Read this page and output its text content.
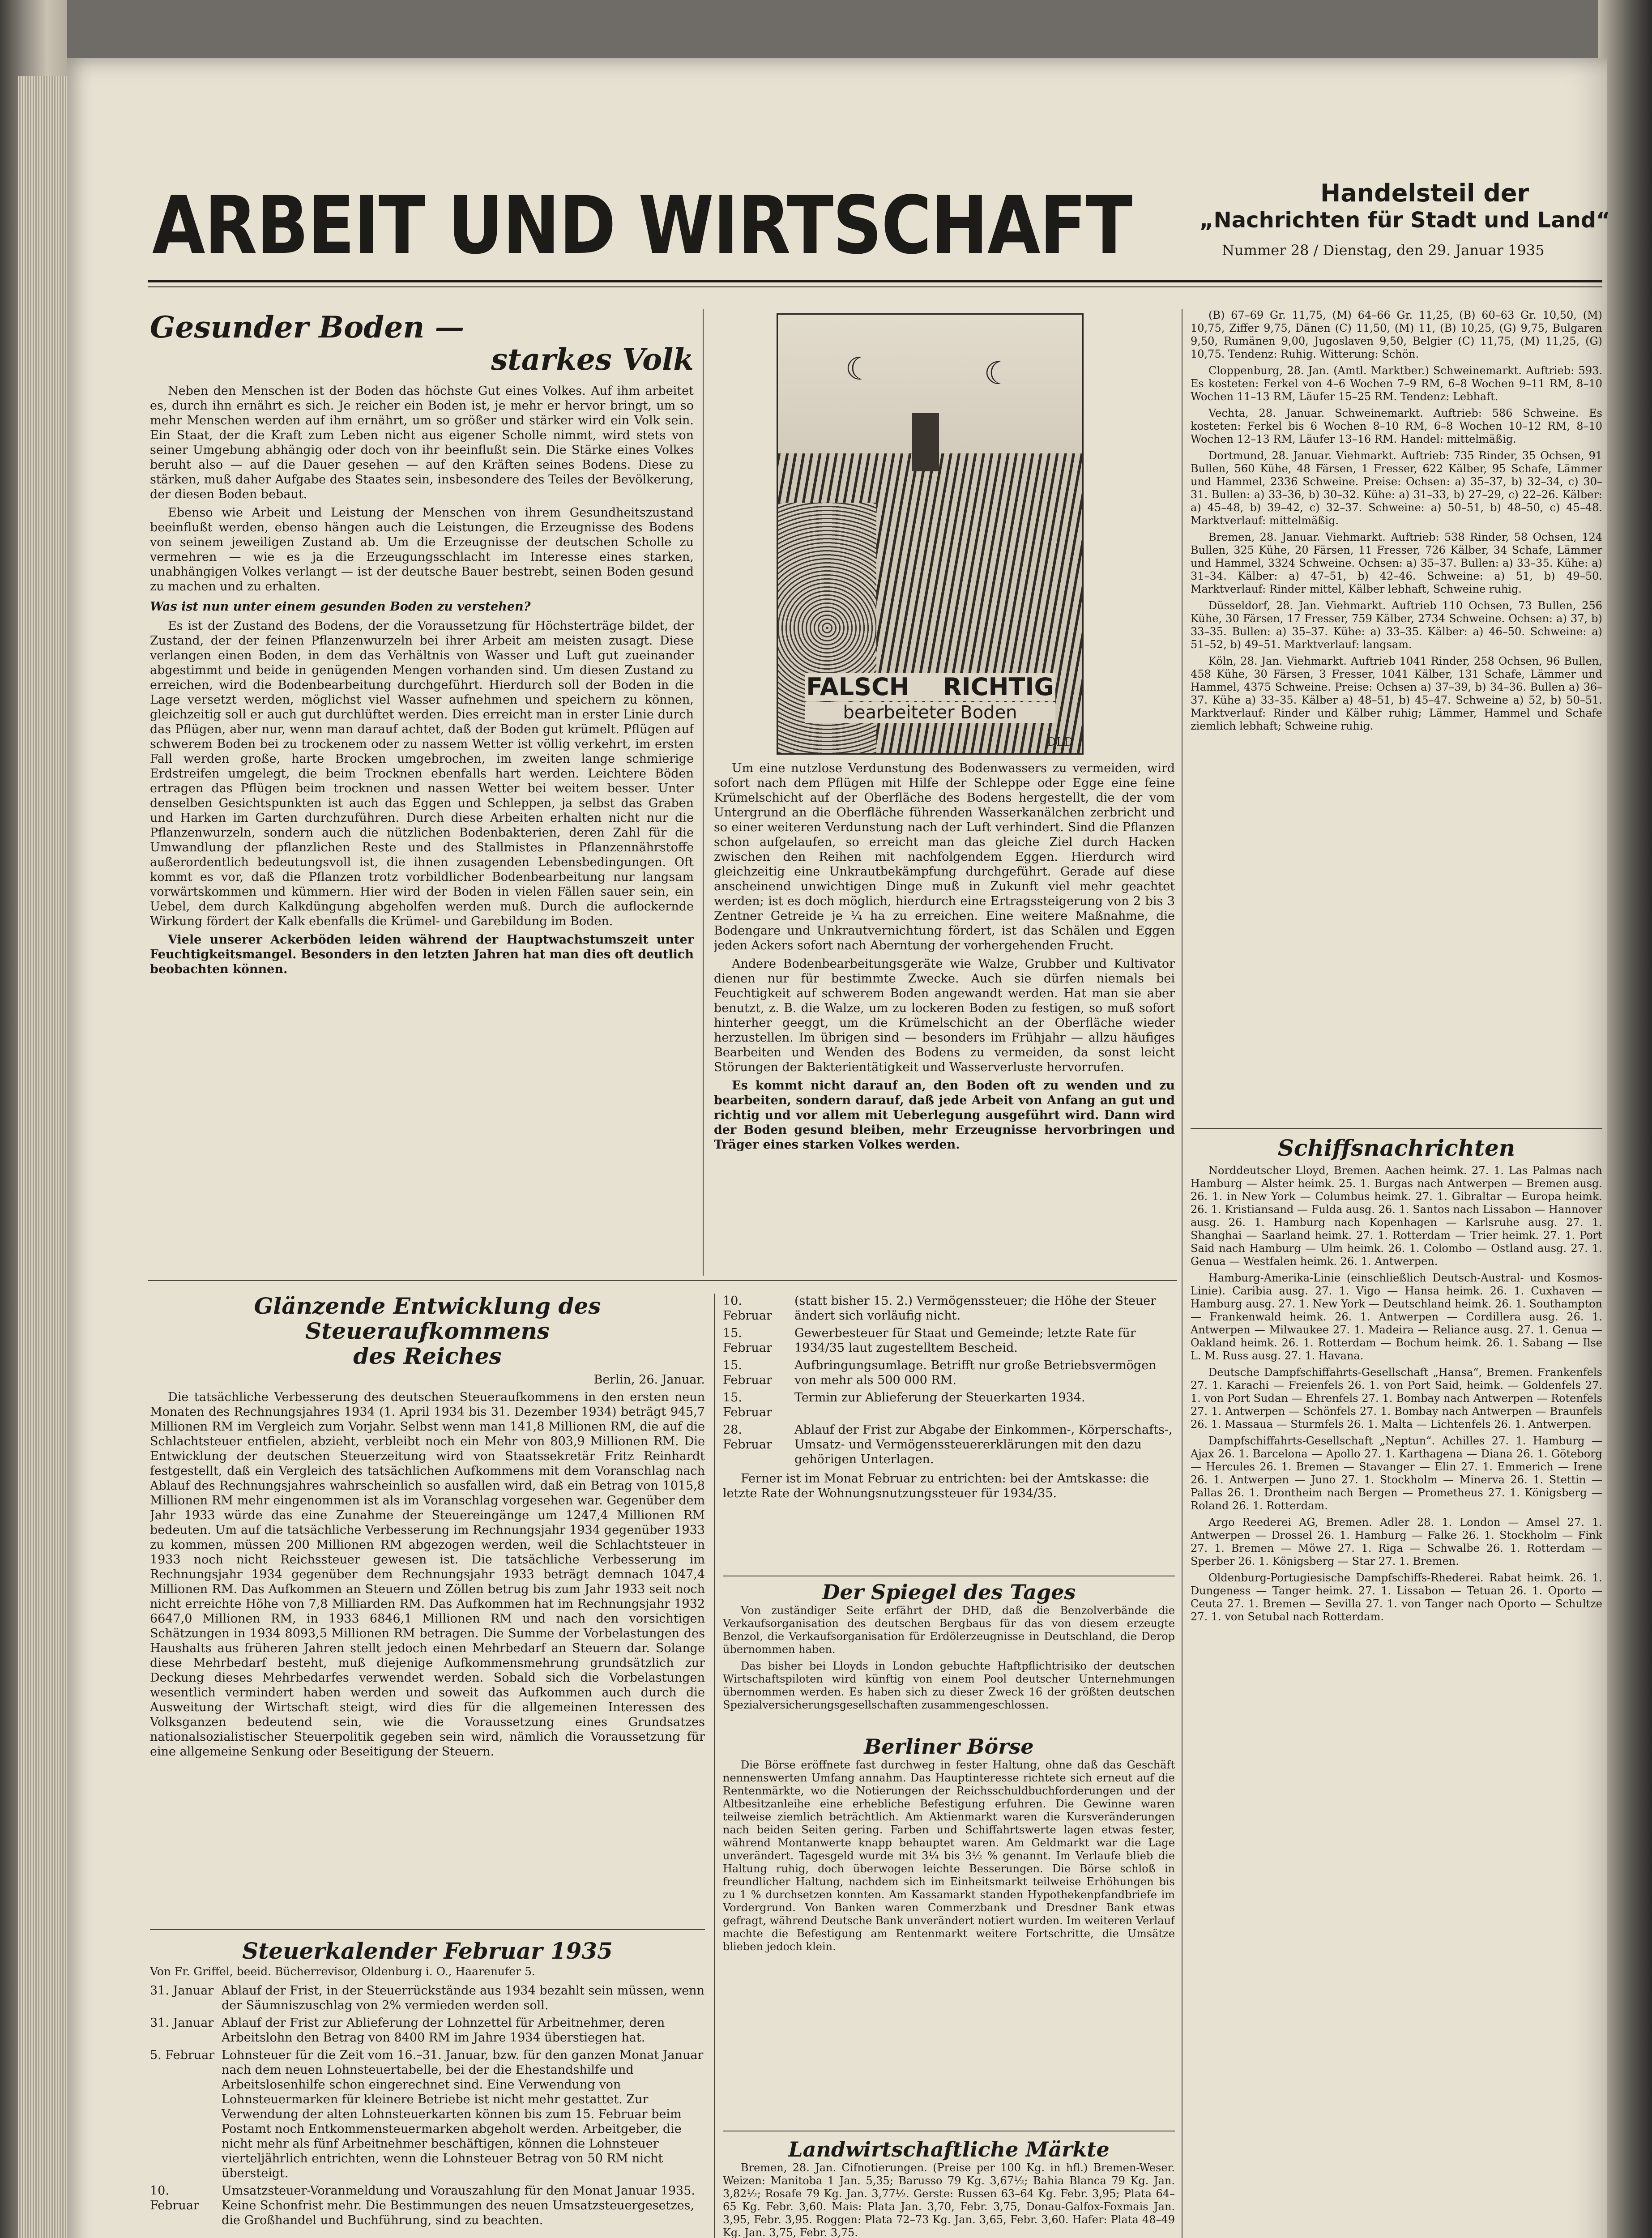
ARBEIT UND WIRTSCHAFT	Handelsteil der
„Nachrichten für Stadt und Land“
Nummer 28 / Dienstag, den 29. Januar 1935
Gesunder Boden —
starkes Volk

Neben den Menschen ist der Boden das höchste Gut eines Volkes. Auf ihm arbeitet es, durch ihn ernährt es sich. Je reicher ein Boden ist, je mehr er hervor bringt, um so mehr Menschen werden auf ihm ernährt, um so größer und stärker wird ein Volk sein. Ein Staat, der die Kraft zum Leben nicht aus eigener Scholle nimmt, wird stets von seiner Umgebung abhängig oder doch von ihr beeinflußt sein. Die Stärke eines Volkes beruht also — auf die Dauer gesehen — auf den Kräften seines Bodens. Diese zu stärken, muß daher Aufgabe des Staates sein, insbesondere des Teiles der Bevölkerung, der diesen Boden bebaut.

Ebenso wie Arbeit und Leistung der Menschen von ihrem Gesundheitszustand beeinflußt werden, ebenso hängen auch die Leistungen, die Erzeugnisse des Bodens von seinem jeweiligen Zustand ab. Um die Erzeugnisse der deutschen Scholle zu vermehren — wie es ja die Erzeugungsschlacht im Interesse eines starken, unabhängigen Volkes verlangt — ist der deutsche Bauer bestrebt, seinen Boden gesund zu machen und zu erhalten.

Was ist nun unter einem gesunden Boden zu verstehen?

Es ist der Zustand des Bodens, der die Voraussetzung für Höchsterträge bildet, der Zustand, der der feinen Pflanzenwurzeln bei ihrer Arbeit am meisten zusagt. Diese verlangen einen Boden, in dem das Verhältnis von Wasser und Luft gut zueinander abgestimmt und beide in genügenden Mengen vorhanden sind. Um diesen Zustand zu erreichen, wird die Bodenbearbeitung durchgeführt. Hierdurch soll der Boden in die Lage versetzt werden, möglichst viel Wasser aufnehmen und speichern zu können, gleichzeitig soll er auch gut durchlüftet werden. Dies erreicht man in erster Linie durch das Pflügen, aber nur, wenn man darauf achtet, daß der Boden gut krümelt. Pflügen auf schwerem Boden bei zu trockenem oder zu nassem Wetter ist völlig verkehrt, im ersten Fall werden große, harte Brocken umgebrochen, im zweiten lange schmierige Erdstreifen umgelegt, die beim Trocknen ebenfalls hart werden. Leichtere Böden ertragen das Pflügen beim trocknen und nassen Wetter bei weitem besser. Unter denselben Gesichtspunkten ist auch das Eggen und Schleppen, ja selbst das Graben und Harken im Garten durchzuführen. Durch diese Arbeiten erhalten nicht nur die Pflanzenwurzeln, sondern auch die nützlichen Bodenbakterien, deren Zahl für die Umwandlung der pflanzlichen Reste und des Stallmistes in Pflanzennährstoffe außerordentlich bedeutungsvoll ist, die ihnen zusagenden Lebensbedingungen. Oft kommt es vor, daß die Pflanzen trotz vorbildlicher Bodenbearbeitung nur langsam vorwärtskommen und kümmern. Hier wird der Boden in vielen Fällen sauer sein, ein Uebel, dem durch Kalkdüngung abgeholfen werden muß. Durch die auflockernde Wirkung fördert der Kalk ebenfalls die Krümel- und Garebildung im Boden.

Viele unserer Ackerböden leiden während der Hauptwachstumszeit unter Feuchtigkeitsmangel. Besonders in den letzten Jahren hat man dies oft deutlich beobachten können.

☾	☾
FALSCH RICHTIG
bearbeiteter Boden
DLD

Um eine nutzlose Verdunstung des Bodenwassers zu vermeiden, wird sofort nach dem Pflügen mit Hilfe der Schleppe oder Egge eine feine Krümelschicht auf der Oberfläche des Bodens hergestellt, die der vom Untergrund an die Oberfläche führenden Wasserkanälchen zerbricht und so einer weiteren Verdunstung nach der Luft verhindert. Sind die Pflanzen schon aufgelaufen, so erreicht man das gleiche Ziel durch Hacken zwischen den Reihen mit nachfolgendem Eggen. Hierdurch wird gleichzeitig eine Unkrautbekämpfung durchgeführt. Gerade auf diese anscheinend unwichtigen Dinge muß in Zukunft viel mehr geachtet werden; ist es doch möglich, hierdurch eine Ertragssteigerung von 2 bis 3 Zentner Getreide je ¼ ha zu erreichen. Eine weitere Maßnahme, die Bodengare und Unkrautvernichtung fördert, ist das Schälen und Eggen jeden Ackers sofort nach Aberntung der vorhergehenden Frucht.

Andere Bodenbearbeitungsgeräte wie Walze, Grubber und Kultivator dienen nur für bestimmte Zwecke. Auch sie dürfen niemals bei Feuchtigkeit auf schwerem Boden angewandt werden. Hat man sie aber benutzt, z. B. die Walze, um zu lockeren Boden zu festigen, so muß sofort hinterher geeggt, um die Krümelschicht an der Oberfläche wieder herzustellen. Im übrigen sind — besonders im Frühjahr — allzu häufiges Bearbeiten und Wenden des Bodens zu vermeiden, da sonst leicht Störungen der Bakterientätigkeit und Wasserverluste hervorrufen.

Es kommt nicht darauf an, den Boden oft zu wenden und zu bearbeiten, sondern darauf, daß jede Arbeit von Anfang an gut und richtig und vor allem mit Ueberlegung ausgeführt wird. Dann wird der Boden gesund bleiben, mehr Erzeugnisse hervorbringen und Träger eines starken Volkes werden.

Glänzende Entwicklung des
Steueraufkommens
des Reiches
Berlin, 26. Januar.

Die tatsächliche Verbesserung des deutschen Steueraufkommens in den ersten neun Monaten des Rechnungsjahres 1934 (1. April 1934 bis 31. Dezember 1934) beträgt 945,7 Millionen RM im Vergleich zum Vorjahr. Selbst wenn man 141,8 Millionen RM, die auf die Schlachtsteuer entfielen, abzieht, verbleibt noch ein Mehr von 803,9 Millionen RM. Die Entwicklung der deutschen Steuerzeitung wird von Staatssekretär Fritz Reinhardt festgestellt, daß ein Vergleich des tatsächlichen Aufkommens mit dem Voranschlag nach Ablauf des Rechnungsjahres wahrscheinlich so ausfallen wird, daß ein Betrag von 1015,8 Millionen RM mehr eingenommen ist als im Voranschlag vorgesehen war. Gegenüber dem Jahr 1933 würde das eine Zunahme der Steuereingänge um 1247,4 Millionen RM bedeuten. Um auf die tatsächliche Verbesserung im Rechnungsjahr 1934 gegenüber 1933 zu kommen, müssen 200 Millionen RM abgezogen werden, weil die Schlachtsteuer in 1933 noch nicht Reichssteuer gewesen ist. Die tatsächliche Verbesserung im Rechnungsjahr 1934 gegenüber dem Rechnungsjahr 1933 beträgt demnach 1047,4 Millionen RM. Das Aufkommen an Steuern und Zöllen betrug bis zum Jahr 1933 seit noch nicht erreichte Höhe von 7,8 Milliarden RM. Das Aufkommen hat im Rechnungsjahr 1932 6647,0 Millionen RM, in 1933 6846,1 Millionen RM und nach den vorsichtigen Schätzungen in 1934 8093,5 Millionen RM betragen. Die Summe der Vorbelastungen des Haushalts aus früheren Jahren stellt jedoch einen Mehrbedarf an Steuern dar. Solange diese Mehrbedarf besteht, muß diejenige Aufkommensmehrung grundsätzlich zur Deckung dieses Mehrbedarfes verwendet werden. Sobald sich die Vorbelastungen wesentlich vermindert haben werden und soweit das Aufkommen auch durch die Ausweitung der Wirtschaft steigt, wird dies für die allgemeinen Interessen des Volksganzen bedeutend sein, wie die Voraussetzung eines Grundsatzes nationalsozialistischer Steuerpolitik gegeben sein wird, nämlich die Voraussetzung für eine allgemeine Senkung oder Beseitigung der Steuern.

Steuerkalender Februar 1935
Von Fr. Griffel, beeid. Bücherrevisor, Oldenburg i. O., Haarenufer 5.
31. Januar Ablauf der Frist, in der Steuerrückstände aus 1934 bezahlt sein müssen, wenn der Säumniszuschlag von 2% vermieden werden soll.
31. Januar Ablauf der Frist zur Ablieferung der Lohnzettel für Arbeitnehmer, deren Arbeitslohn den Betrag von 8400 RM im Jahre 1934 überstiegen hat.
5. Februar Lohnsteuer für die Zeit vom 16.–31. Januar, bzw. für den ganzen Monat Januar nach dem neuen Lohnsteuertabelle, bei der die Ehestandshilfe und Arbeitslosenhilfe schon eingerechnet sind. Eine Verwendung von Lohnsteuermarken für kleinere Betriebe ist nicht mehr gestattet. Zur Verwendung der alten Lohnsteuerkarten können bis zum 15. Februar beim Postamt noch Entkommensteuermarken abgeholt werden. Arbeitgeber, die nicht mehr als fünf Arbeitnehmer beschäftigen, können die Lohnsteuer vierteljährlich entrichten, wenn die Lohnsteuer Betrag von 50 RM nicht übersteigt.
10. Februar
Umsatzsteuer-Voranmeldung und Vorauszahlung für den Monat Januar 1935. Keine Schonfrist mehr. Die Bestimmungen des neuen Umsatzsteuergesetzes, die Großhandel und Buchführung, sind zu beachten.
10. Februar
(statt bisher 15. 2.) Vermögenssteuer; die Höhe der Steuer ändert sich vorläufig nicht.
15. Februar
Gewerbesteuer für Staat und Gemeinde; letzte Rate für 1934/35 laut zugestelltem Bescheid.
15. Februar
Aufbringungsumlage. Betrifft nur große Betriebsvermögen von mehr als 500 000 RM.
15. Februar
Termin zur Ablieferung der Steuerkarten 1934.
28. Februar
Ablauf der Frist zur Abgabe der Einkommen-, Körperschafts-, Umsatz- und Vermögenssteuererklärungen mit den dazu gehörigen Unterlagen.

Ferner ist im Monat Februar zu entrichten: bei der Amtskasse: die letzte Rate der Wohnungsnutzungssteuer für 1934/35.

Der Spiegel des Tages

Von zuständiger Seite erfährt der DHD, daß die Benzolverbände die Verkaufsorganisation des deutschen Bergbaus für das von diesem erzeugte Benzol, die Verkaufsorganisation für Erdölerzeugnisse in Deutschland, die Derop übernommen haben.

Das bisher bei Lloyds in London gebuchte Haftpflichtrisiko der deutschen Wirtschaftspiloten wird künftig von einem Pool deutscher Unternehmungen übernommen werden. Es haben sich zu dieser Zweck 16 der größten deutschen Spezialversicherungsgesellschaften zusammengeschlossen.

Berliner Börse

Die Börse eröffnete fast durchweg in fester Haltung, ohne daß das Geschäft nennenswerten Umfang annahm. Das Hauptinteresse richtete sich erneut auf die Rentenmärkte, wo die Notierungen der Reichsschuldbuchforderungen und der Altbesitzanleihe eine erhebliche Befestigung erfuhren. Die Gewinne waren teilweise ziemlich beträchtlich. Am Aktienmarkt waren die Kursveränderungen nach beiden Seiten gering. Farben und Schiffahrtswerte lagen etwas fester, während Montanwerte knapp behauptet waren. Am Geldmarkt war die Lage unverändert. Tagesgeld wurde mit 3¼ bis 3½ % genannt. Im Verlaufe blieb die Haltung ruhig, doch überwogen leichte Besserungen. Die Börse schloß in freundlicher Haltung, nachdem sich im Einheitsmarkt teilweise Erhöhungen bis zu 1 % durchsetzen konnten. Am Kassamarkt standen Hypothekenpfandbriefe im Vordergrund. Von Banken waren Commerzbank und Dresdner Bank etwas gefragt, während Deutsche Bank unverändert notiert wurden. Im weiteren Verlauf machte die Befestigung am Rentenmarkt weitere Fortschritte, die Umsätze blieben jedoch klein.

Landwirtschaftliche Märkte

Bremen, 28. Jan. Cifnotierungen. (Preise per 100 Kg. in hfl.) Bremen-Weser. Weizen: Manitoba 1 Jan. 5,35; Barusso 79 Kg. 3,67½; Bahia Blanca 79 Kg. Jan. 3,82½; Rosafe 79 Kg. Jan. 3,77½. Gerste: Russen 63–64 Kg. Febr. 3,95; Plata 64–65 Kg. Febr. 3,60. Mais: Plata Jan. 3,70, Febr. 3,75, Donau-Galfox-Foxmais Jan. 3,95, Febr. 3,95. Roggen: Plata 72–73 Kg. Jan. 3,65, Febr. 3,60. Hafer: Plata 48–49 Kg. Jan. 3,75, Febr. 3,75.

(B) 67–69 Gr. 11,75, (M) 64–66 Gr. 11,25, (B) 60–63 Gr. 10,50, (M) 10,75, Ziffer 9,75, Dänen (C) 11,50, (M) 11, (B) 10,25, (G) 9,75, Bulgaren 9,50, Rumänen 9,00, Jugoslaven 9,50, Belgier (C) 11,75, (M) 11,25, (G) 10,75. Tendenz: Ruhig. Witterung: Schön.

Cloppenburg, 28. Jan. (Amtl. Marktber.) Schweinemarkt. Auftrieb: 593. Es kosteten: Ferkel von 4–6 Wochen 7–9 RM, 6–8 Wochen 9–11 RM, 8–10 Wochen 11–13 RM, Läufer 15–25 RM. Tendenz: Lebhaft.

Vechta, 28. Januar. Schweinemarkt. Auftrieb: 586 Schweine. Es kosteten: Ferkel bis 6 Wochen 8–10 RM, 6–8 Wochen 10–12 RM, 8–10 Wochen 12–13 RM, Läufer 13–16 RM. Handel: mittelmäßig.

Dortmund, 28. Januar. Viehmarkt. Auftrieb: 735 Rinder, 35 Ochsen, 91 Bullen, 560 Kühe, 48 Färsen, 1 Fresser, 622 Kälber, 95 Schafe, Lämmer und Hammel, 2336 Schweine. Preise: Ochsen: a) 35–37, b) 32–34, c) 30–31. Bullen: a) 33–36, b) 30–32. Kühe: a) 31–33, b) 27–29, c) 22–26. Kälber: a) 45–48, b) 39–42, c) 32–37. Schweine: a) 50–51, b) 48–50, c) 45–48. Marktverlauf: mittelmäßig.

Bremen, 28. Januar. Viehmarkt. Auftrieb: 538 Rinder, 58 Ochsen, 124 Bullen, 325 Kühe, 20 Färsen, 11 Fresser, 726 Kälber, 34 Schafe, Lämmer und Hammel, 3324 Schweine. Ochsen: a) 35–37. Bullen: a) 33–35. Kühe: a) 31–34. Kälber: a) 47–51, b) 42–46. Schweine: a) 51, b) 49–50. Marktverlauf: Rinder mittel, Kälber lebhaft, Schweine ruhig.

Düsseldorf, 28. Jan. Viehmarkt. Auftrieb 110 Ochsen, 73 Bullen, 256 Kühe, 30 Färsen, 17 Fresser, 759 Kälber, 2734 Schweine. Ochsen: a) 37, b) 33–35. Bullen: a) 35–37. Kühe: a) 33–35. Kälber: a) 46–50. Schweine: a) 51–52, b) 49–51. Marktverlauf: langsam.

Köln, 28. Jan. Viehmarkt. Auftrieb 1041 Rinder, 258 Ochsen, 96 Bullen, 458 Kühe, 30 Färsen, 3 Fresser, 1041 Kälber, 131 Schafe, Lämmer und Hammel, 4375 Schweine. Preise: Ochsen a) 37–39, b) 34–36. Bullen a) 36–37. Kühe a) 33–35. Kälber a) 48–51, b) 45–47. Schweine a) 52, b) 50–51. Marktverlauf: Rinder und Kälber ruhig; Lämmer, Hammel und Schafe ziemlich lebhaft; Schweine ruhig.

Schiffsnachrichten

Norddeutscher Lloyd, Bremen. Aachen heimk. 27. 1. Las Palmas nach Hamburg — Alster heimk. 25. 1. Burgas nach Antwerpen — Bremen ausg. 26. 1. in New York — Columbus heimk. 27. 1. Gibraltar — Europa heimk. 26. 1. Kristiansand — Fulda ausg. 26. 1. Santos nach Lissabon — Hannover ausg. 26. 1. Hamburg nach Kopenhagen — Karlsruhe ausg. 27. 1. Shanghai — Saarland heimk. 27. 1. Rotterdam — Trier heimk. 27. 1. Port Said nach Hamburg — Ulm heimk. 26. 1. Colombo — Ostland ausg. 27. 1. Genua — Westfalen heimk. 26. 1. Antwerpen.

Hamburg-Amerika-Linie (einschließlich Deutsch-Austral- und Kosmos-Linie). Caribia ausg. 27. 1. Vigo — Hansa heimk. 26. 1. Cuxhaven — Hamburg ausg. 27. 1. New York — Deutschland heimk. 26. 1. Southampton — Frankenwald heimk. 26. 1. Antwerpen — Cordillera ausg. 26. 1. Antwerpen — Milwaukee 27. 1. Madeira — Reliance ausg. 27. 1. Genua — Oakland heimk. 26. 1. Rotterdam — Bochum heimk. 26. 1. Sabang — Ilse L. M. Russ ausg. 27. 1. Havana.

Deutsche Dampfschiffahrts-Gesellschaft „Hansa“, Bremen. Frankenfels 27. 1. Karachi — Freienfels 26. 1. von Port Said, heimk. — Goldenfels 27. 1. von Port Sudan — Ehrenfels 27. 1. Bombay nach Antwerpen — Rotenfels 27. 1. Antwerpen — Schönfels 27. 1. Bombay nach Antwerpen — Braunfels 26. 1. Massaua — Sturmfels 26. 1. Malta — Lichtenfels 26. 1. Antwerpen.

Dampfschiffahrts-Gesellschaft „Neptun“. Achilles 27. 1. Hamburg — Ajax 26. 1. Barcelona — Apollo 27. 1. Karthagena — Diana 26. 1. Göteborg — Hercules 26. 1. Bremen — Stavanger — Elin 27. 1. Emmerich — Irene 26. 1. Antwerpen — Juno 27. 1. Stockholm — Minerva 26. 1. Stettin — Pallas 26. 1. Drontheim nach Bergen — Prometheus 27. 1. Königsberg — Roland 26. 1. Rotterdam.

Argo Reederei AG, Bremen. Adler 28. 1. London — Amsel 27. 1. Antwerpen — Drossel 26. 1. Hamburg — Falke 26. 1. Stockholm — Fink 27. 1. Bremen — Möwe 27. 1. Riga — Schwalbe 26. 1. Rotterdam — Sperber 26. 1. Königsberg — Star 27. 1. Bremen.

Oldenburg-Portugiesische Dampfschiffs-Rhederei. Rabat heimk. 26. 1. Dungeness — Tanger heimk. 27. 1. Lissabon — Tetuan 26. 1. Oporto — Ceuta 27. 1. Bremen — Sevilla 27. 1. von Tanger nach Oporto — Schultze 27. 1. von Setubal nach Rotterdam.
